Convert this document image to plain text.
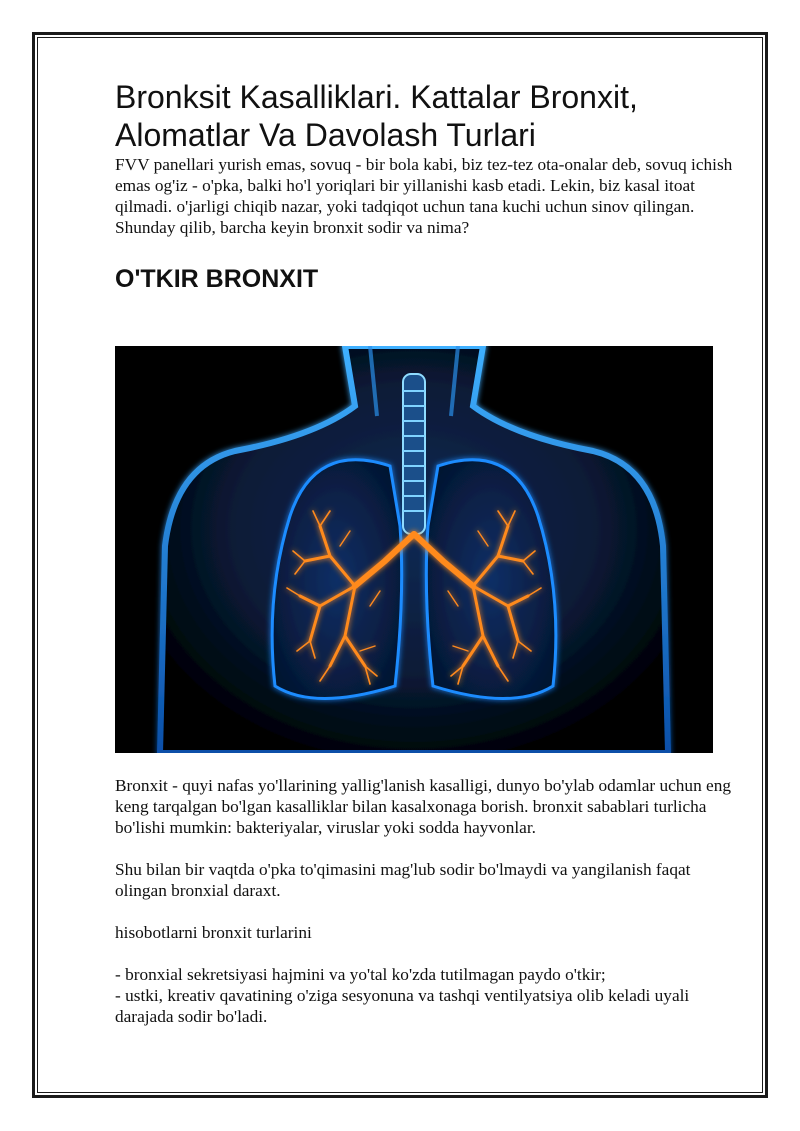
Bronksit Kasalliklari. Kattalar Bronxit, Alomatlar Va Davolash Turlari

FVV panellari yurish emas, sovuq - bir bola kabi, biz tez-tez ota-onalar deb, sovuq ichish emas og'iz - o'pka, balki ho'l yoriqlari bir yillanishi kasb etadi. Lekin, biz kasal itoat qilmadi. o'jarligi chiqib nazar, yoki tadqiqot uchun tana kuchi uchun sinov qilingan. Shunday qilib, barcha keyin bronxit sodir va nima?

O'TKIR BRONXIT

Bronxit - quyi nafas yo'llarining yallig'lanish kasalligi, dunyo bo'ylab odamlar uchun eng keng tarqalgan bo'lgan kasalliklar bilan kasalxonaga borish. bronxit sabablari turlicha bo'lishi mumkin: bakteriyalar, viruslar yoki sodda hayvonlar.

Shu bilan bir vaqtda o'pka to'qimasini mag'lub sodir bo'lmaydi va yangilanish faqat olingan bronxial daraxt.

hisobotlarni bronxit turlarini

- bronxial sekretsiyasi hajmini va yo'tal ko'zda tutilmagan paydo o'tkir;

- ustki, kreativ qavatining o'ziga sesyonuna va tashqi ventilyatsiya olib keladi uyali darajada sodir bo'ladi.
